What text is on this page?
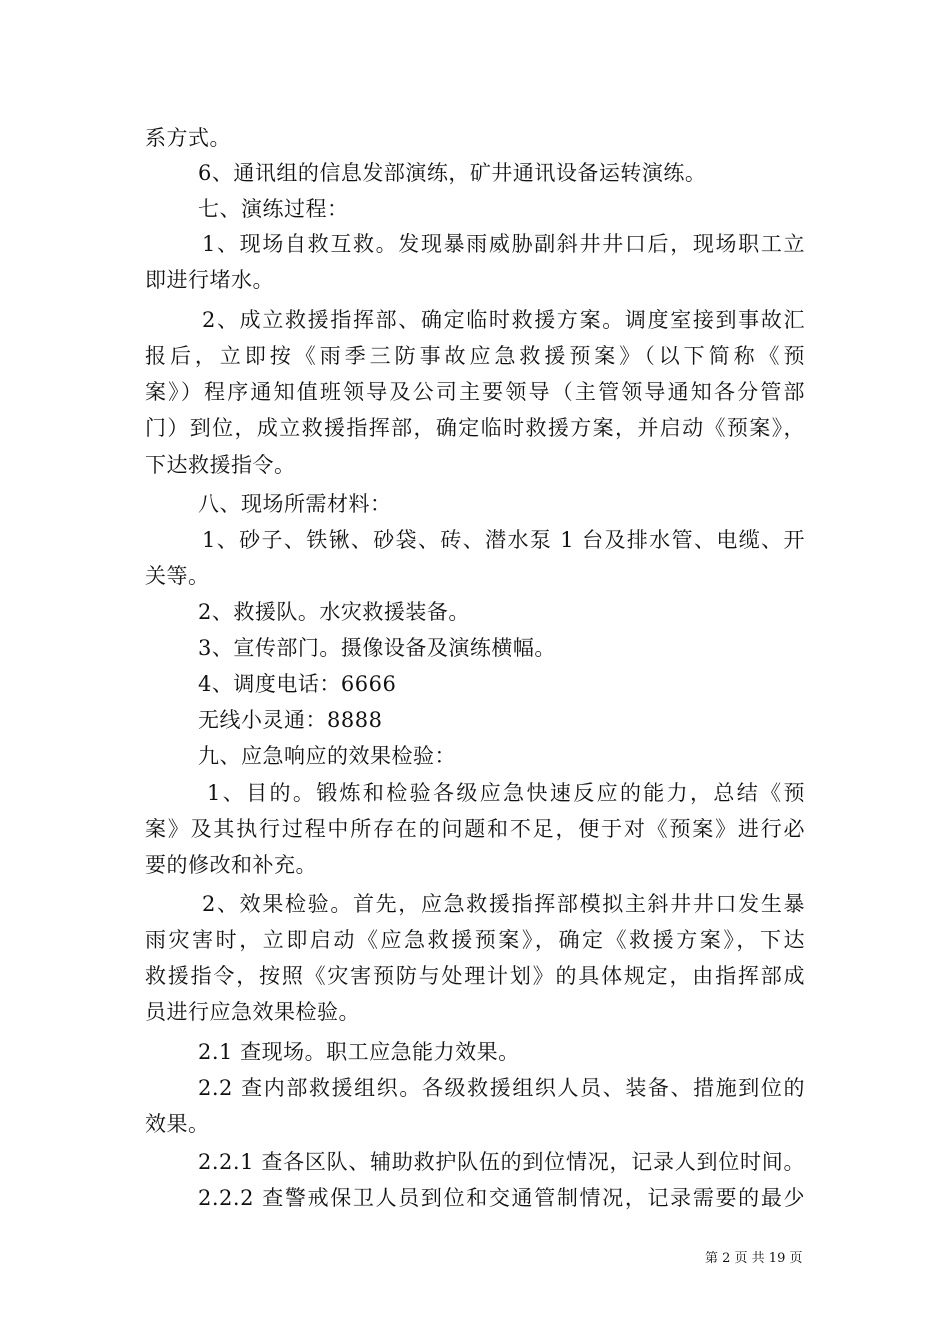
系方式。
6、通讯组的信息发部演练，矿井通讯设备运转演练。
七、演练过程：
1、现场自救互救。发现暴雨威胁副斜井井口后，现场职工立
即进行堵水。
2、成立救援指挥部、确定临时救援方案。调度室接到事故汇
报后，立即按《雨季三防事故应急救援预案》（以下简称《预
案》）程序通知值班领导及公司主要领导（主管领导通知各分管部
门）到位，成立救援指挥部，确定临时救援方案，并启动《预案》，
下达救援指令。
八、现场所需材料：
1、砂子、铁锹、砂袋、砖、潜水泵 1 台及排水管、电缆、开
关等。
2、救援队。水灾救援装备。
3、宣传部门。摄像设备及演练横幅。
4、调度电话：6666
无线小灵通：8888
九、应急响应的效果检验：
1、目的。锻炼和检验各级应急快速反应的能力，总结《预
案》及其执行过程中所存在的问题和不足，便于对《预案》进行必
要的修改和补充。
2、效果检验。首先，应急救援指挥部模拟主斜井井口发生暴
雨灾害时，立即启动《应急救援预案》，确定《救援方案》，下达
救援指令，按照《灾害预防与处理计划》的具体规定，由指挥部成
员进行应急效果检验。
2.1 查现场。职工应急能力效果。
2.2 查内部救援组织。各级救援组织人员、装备、措施到位的
效果。
2.2.1 查各区队、辅助救护队伍的到位情况，记录人到位时间。
2.2.2 查警戒保卫人员到位和交通管制情况，记录需要的最少
第 2 页 共 19 页
